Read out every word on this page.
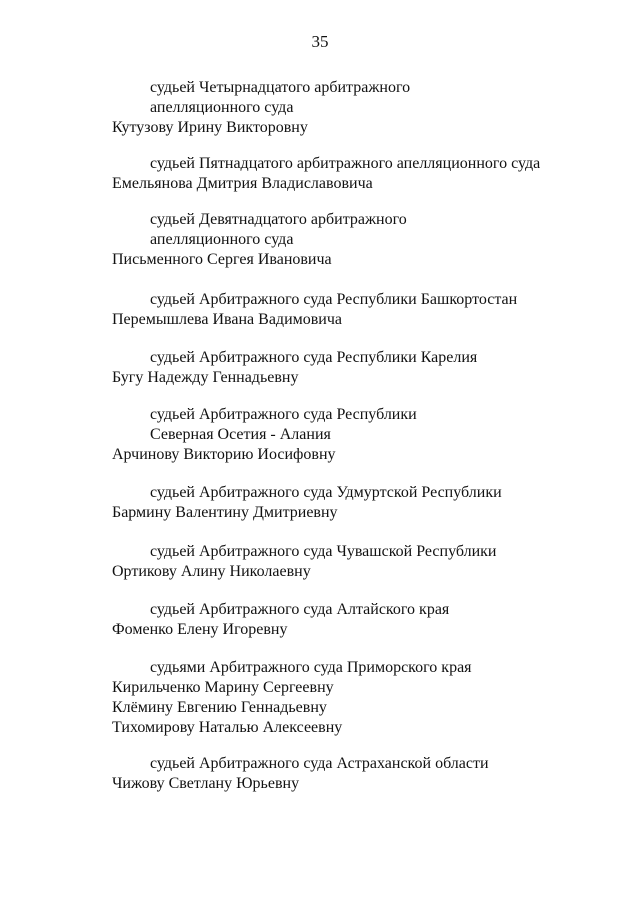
35
судьей Четырнадцатого арбитражного
апелляционного суда
Кутузову Ирину Викторовну
судьей Пятнадцатого арбитражного апелляционного суда
Емельянова Дмитрия Владиславовича
судьей Девятнадцатого арбитражного
апелляционного суда
Письменного Сергея Ивановича
судьей Арбитражного суда Республики Башкортостан
Перемышлева Ивана Вадимовича
судьей Арбитражного суда Республики Карелия
Бугу Надежду Геннадьевну
судьей Арбитражного суда Республики
Северная Осетия - Алания
Арчинову Викторию Иосифовну
судьей Арбитражного суда Удмуртской Республики
Бармину Валентину Дмитриевну
судьей Арбитражного суда Чувашской Республики
Ортикову Алину Николаевну
судьей Арбитражного суда Алтайского края
Фоменко Елену Игоревну
судьями Арбитражного суда Приморского края
Кирильченко Марину Сергеевну
Клёмину Евгению Геннадьевну
Тихомирову Наталью Алексеевну
судьей Арбитражного суда Астраханской области
Чижову Светлану Юрьевну
